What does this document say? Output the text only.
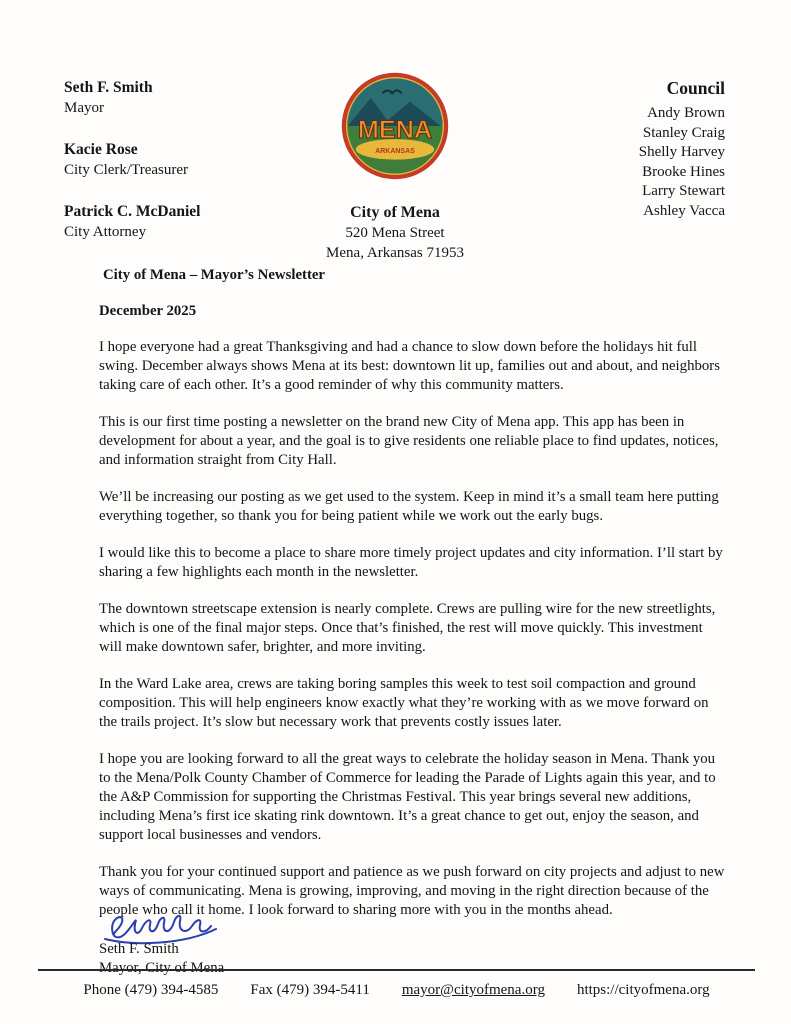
Seth F. Smith
Mayor
Kacie Rose
City Clerk/Treasurer
Patrick C. McDaniel
City Attorney
MENA
ARKANSAS
City of Mena
520 Mena Street
Mena, Arkansas 71953
Council
Andy Brown
Stanley Craig
Shelly Harvey
Brooke Hines
Larry Stewart
Ashley Vacca
City of Mena – Mayor’s Newsletter
December 2025

I hope everyone had a great Thanksgiving and had a chance to slow down before the holidays hit full swing. December always shows Mena at its best: downtown lit up, families out and about, and neighbors taking care of each other. It’s a good reminder of why this community matters.

This is our first time posting a newsletter on the brand new City of Mena app. This app has been in development for about a year, and the goal is to give residents one reliable place to find updates, notices, and information straight from City Hall.

We’ll be increasing our posting as we get used to the system. Keep in mind it’s a small team here putting everything together, so thank you for being patient while we work out the early bugs.

I would like this to become a place to share more timely project updates and city information. I’ll start by sharing a few highlights each month in the newsletter.

The downtown streetscape extension is nearly complete. Crews are pulling wire for the new streetlights, which is one of the final major steps. Once that’s finished, the rest will move quickly. This investment will make downtown safer, brighter, and more inviting.

In the Ward Lake area, crews are taking boring samples this week to test soil compaction and ground composition. This will help engineers know exactly what they’re working with as we move forward on the trails project. It’s slow but necessary work that prevents costly issues later.

I hope you are looking forward to all the great ways to celebrate the holiday season in Mena. Thank you to the Mena/Polk County Chamber of Commerce for leading the Parade of Lights again this year, and to the A&P Commission for supporting the Christmas Festival. This year brings several new additions, including Mena’s first ice skating rink downtown. It’s a great chance to get out, enjoy the season, and support local businesses and vendors.

Thank you for your continued support and patience as we push forward on city projects and adjust to new ways of communicating. Mena is growing, improving, and moving in the right direction because of the people who call it home. I look forward to sharing more with you in the months ahead.

Seth F. Smith
Mayor, City of Mena
Phone (479) 394-4585 Fax (479) 394-5411 mayor@cityofmena.org https://cityofmena.org
